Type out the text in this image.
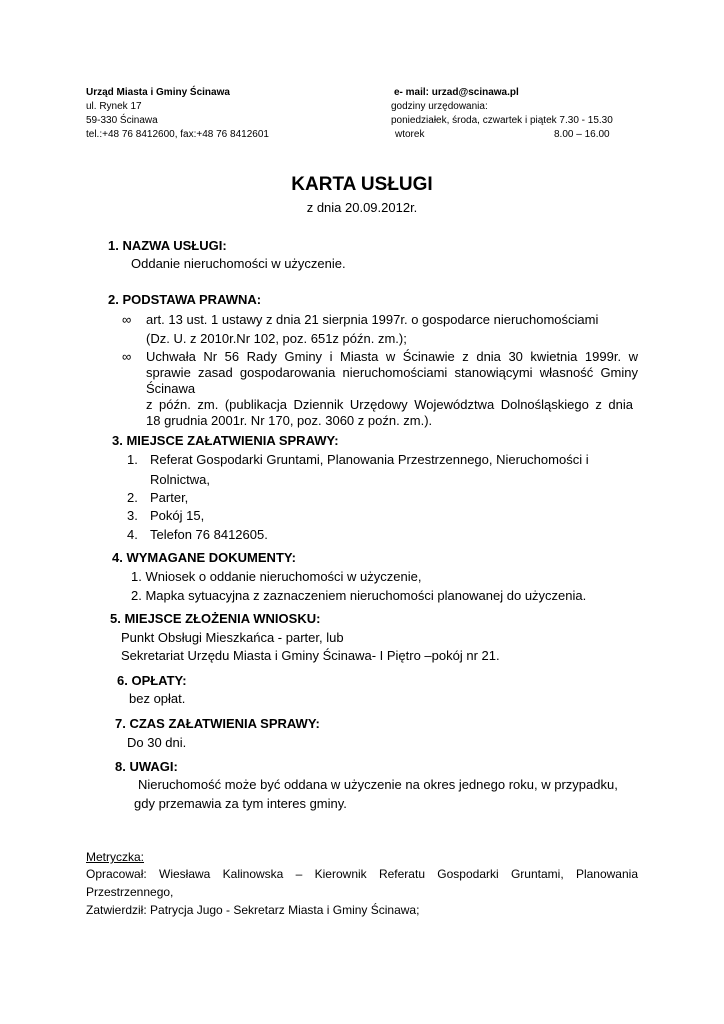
Urząd Miasta i Gminy Ścinawa
ul. Rynek 17
59-330 Ścinawa
tel.:+48 76 8412600, fax:+48 76 8412601
e- mail: urzad@scinawa.pl
godziny urzędowania:
poniedziałek, środa, czwartek i piątek 7.30 - 15.30
wtorek	8.00 – 16.00
KARTA USŁUGI
z dnia 20.09.2012r.
1. NAZWA USŁUGI:
Oddanie nieruchomości w użyczenie.
2. PODSTAWA PRAWNA:
∞ art. 13 ust. 1 ustawy z dnia 21 sierpnia 1997r. o gospodarce nieruchomościami
(Dz. U. z 2010r.Nr 102, poz. 651z późn. zm.);
∞ Uchwała Nr 56 Rady Gminy i Miasta w Ścinawie z dnia 30 kwietnia 1999r. w
sprawie zasad gospodarowania nieruchomościami stanowiącymi własność Gminy
Ścinawa
z późn. zm. (publikacja Dziennik Urzędowy Województwa Dolnośląskiego z dnia
18 grudnia 2001r. Nr 170, poz. 3060 z poźn. zm.).
3. MIEJSCE ZAŁATWIENIA SPRAWY:
1. Referat Gospodarki Gruntami, Planowania Przestrzennego, Nieruchomości i
Rolnictwa,
2. Parter,
3. Pokój 15,
4. Telefon 76 8412605.
4. WYMAGANE DOKUMENTY:
1. Wniosek o oddanie nieruchomości w użyczenie,
2. Mapka sytuacyjna z zaznaczeniem nieruchomości planowanej do użyczenia.
5. MIEJSCE ZŁOŻENIA WNIOSKU:
Punkt Obsługi Mieszkańca - parter, lub
Sekretariat Urzędu Miasta i Gminy Ścinawa- I Piętro –pokój nr 21.
6. OPŁATY:
bez opłat.
7. CZAS ZAŁATWIENIA SPRAWY:
Do 30 dni.
8. UWAGI:
Nieruchomość może być oddana w użyczenie na okres jednego roku, w przypadku,
gdy przemawia za tym interes gminy.
Metryczka:
Opracował: Wiesława Kalinowska – Kierownik Referatu Gospodarki Gruntami, Planowania
Przestrzennego,
Zatwierdził: Patrycja Jugo - Sekretarz Miasta i Gminy Ścinawa;
